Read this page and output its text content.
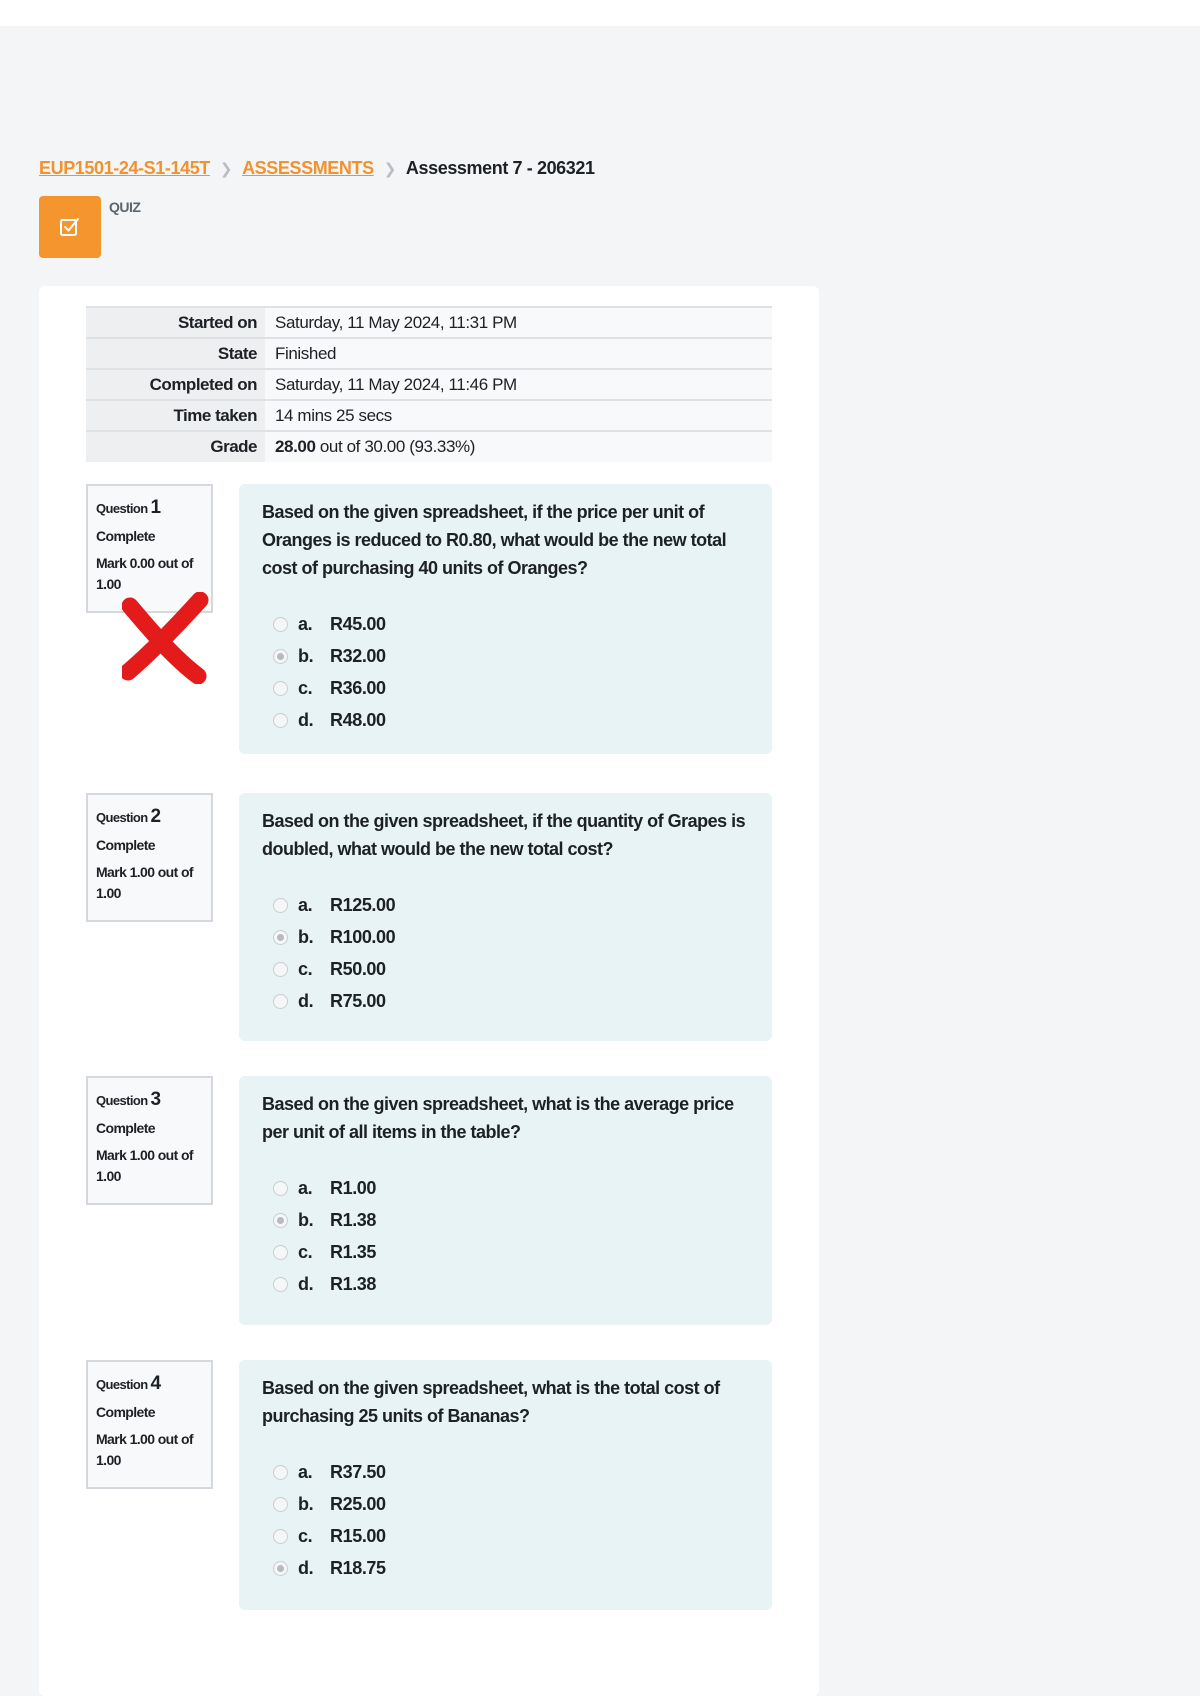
EUP1501-24-S1-145T ❯ ASSESSMENTS ❯ Assessment 7 - 206321
QUIZ
Started on	Saturday, 11 May 2024, 11:31 PM
State	Finished
Completed on	Saturday, 11 May 2024, 11:46 PM
Time taken	14 mins 25 secs
Grade	28.00 out of 30.00 (93.33%)
Question 1
Complete
Mark 0.00 out of 1.00
Based on the given spreadsheet, if the price per unit of Oranges is reduced to R0.80, what would be the new total cost of purchasing 40 units of Oranges?
a. R45.00
b. R32.00
c. R36.00
d. R48.00
Question 2
Complete
Mark 1.00 out of 1.00
Based on the given spreadsheet, if the quantity of Grapes is doubled, what would be the new total cost?
a. R125.00
b. R100.00
c. R50.00
d. R75.00
Question 3
Complete
Mark 1.00 out of 1.00
Based on the given spreadsheet, what is the average price per unit of all items in the table?
a. R1.00
b. R1.38
c. R1.35
d. R1.38
Question 4
Complete
Mark 1.00 out of 1.00
Based on the given spreadsheet, what is the total cost of purchasing 25 units of Bananas?
a. R37.50
b. R25.00
c. R15.00
d. R18.75
